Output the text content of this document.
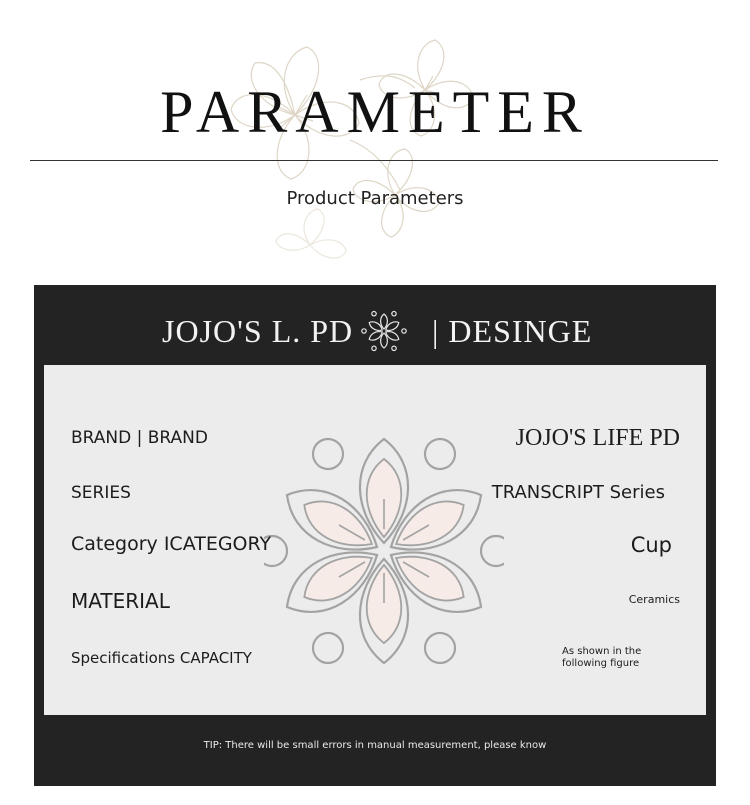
PARAMETER
Product Parameters
JOJO'S L. PD | DESINGE
BRAND | BRAND	JOJO'S LIFE PD
SERIES	TRANSCRIPT Series
Category ICATEGORY	Cup
MATERIAL	Ceramics
Specifications CAPACITY	As shown in the
following figure
TIP: There will be small errors in manual measurement, please know
